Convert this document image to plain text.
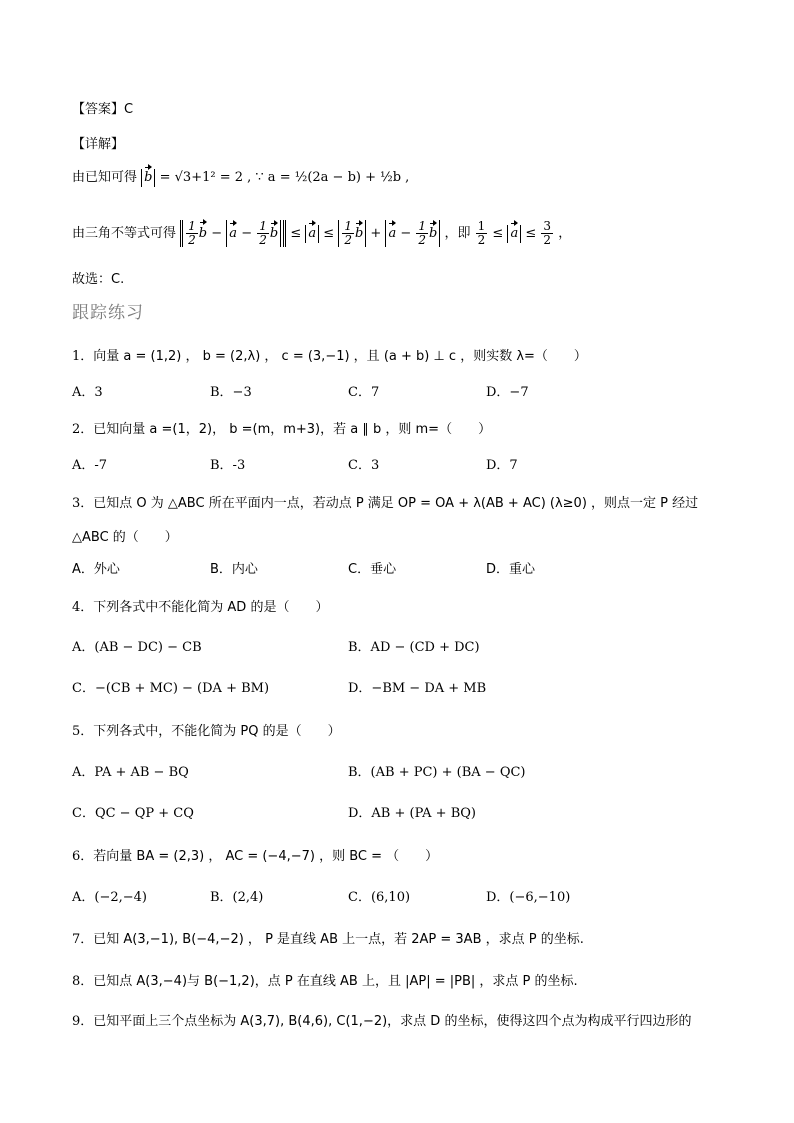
【答案】C
【详解】
由已知可得 b = √3+1² = 2 , ∵ a = ½(2a − b) + ½b ,
由三角不等式可得 $\frac{1}{2}$ $b - a - \frac{1}{2}$ $b \le a \le \frac{1}{2}$ $b + a - \frac{1}{2}$ b ，即 $\frac{1}{2} \le a \le \frac{3}{2}$ ，
故选：C.
跟踪练习
1．向量 a = (1,2) ， b = (2,λ) ， c = (3,−1) ，且 (a + b) ⊥ c ，则实数 λ=（　　）
A．3	B．−3	C．7	D．−7
2．已知向量 a =(1，2)， b =(m，m+3)，若 a ∥ b ，则 m=（　　）
A．-7	B．-3	C．3	D．7
3．已知点 O 为 △ABC 所在平面内一点，若动点 P 满足 OP = OA + λ(AB + AC) (λ≥0) ，则点一定 P 经过
△ABC 的（　　）
A．外心	B．内心	C．垂心	D．重心
4．下列各式中不能化简为 AD 的是（　　）
A．(AB − DC) − CB	B．AD − (CD + DC)
C．−(CB + MC) − (DA + BM)	D．−BM − DA + MB
5．下列各式中，不能化简为 PQ 的是（　　）
A．PA + AB − BQ	B．(AB + PC) + (BA − QC)
C．QC − QP + CQ	D．AB + (PA + BQ)
6．若向量 BA = (2,3) ， AC = (−4,−7) ，则 BC = （　　）
A．(−2,−4)	B．(2,4)	C．(6,10)	D．(−6,−10)
7．已知 A(3,−1), B(−4,−2) ， P 是直线 AB 上一点，若 2AP = 3AB ，求点 P 的坐标.
8．已知点 A(3,−4)与 B(−1,2)，点 P 在直线 AB 上，且 |AP| = |PB| ，求点 P 的坐标.
9．已知平面上三个点坐标为 A(3,7), B(4,6), C(1,−2)，求点 D 的坐标，使得这四个点为构成平行四边形的
